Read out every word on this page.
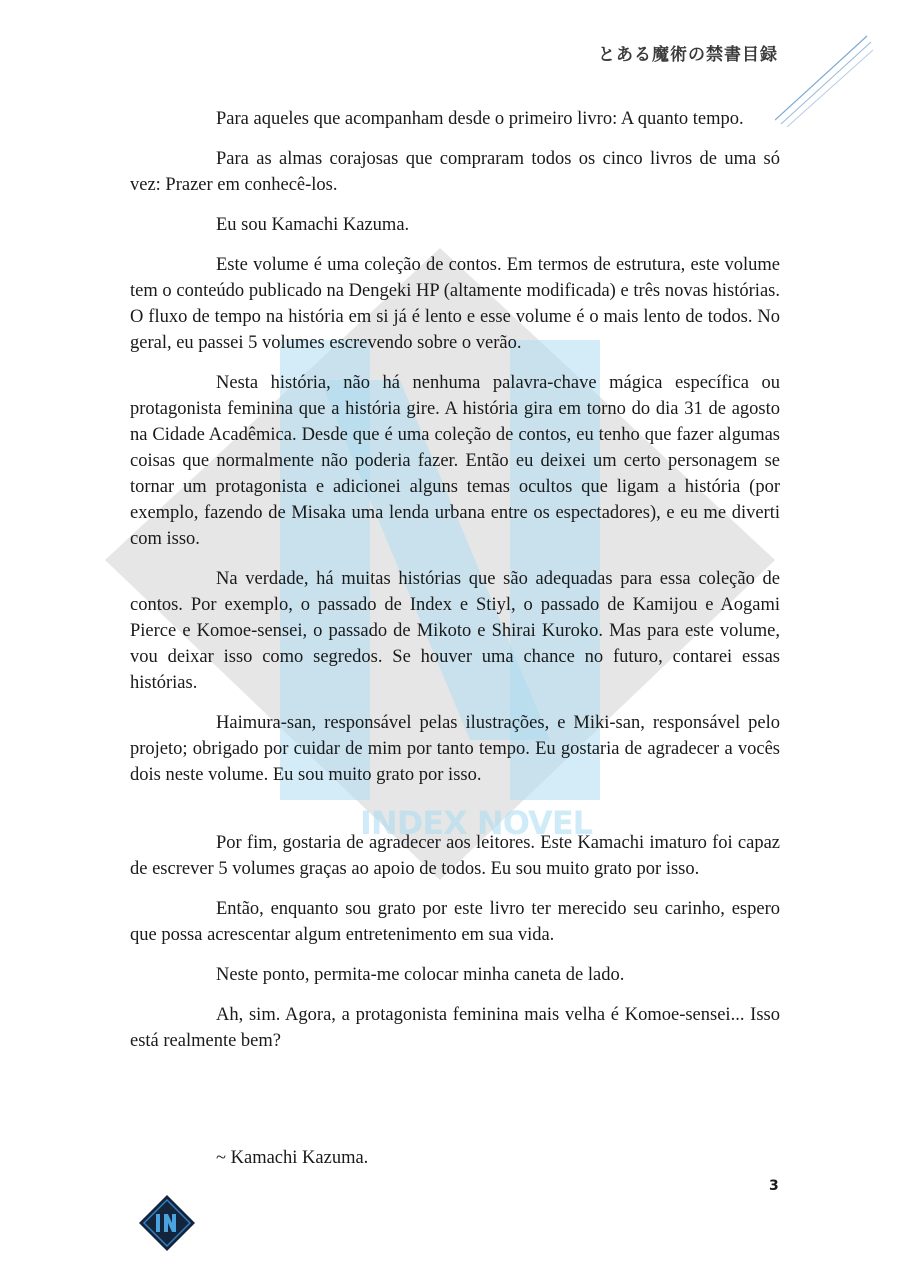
とある魔術の禁書目録
INDEX NOVEL

Para aqueles que acompanham desde o primeiro livro: A quanto tempo.

Para as almas corajosas que compraram todos os cinco livros de uma só vez: Prazer em conhecê-los.

Eu sou Kamachi Kazuma.

Este volume é uma coleção de contos. Em termos de estrutura, este volume tem o conteúdo publicado na Dengeki HP (altamente modificada) e três novas histórias. O fluxo de tempo na história em si já é lento e esse volume é o mais lento de todos. No geral, eu passei 5 volumes escrevendo sobre o verão.

Nesta história, não há nenhuma palavra-chave mágica específica ou protagonista feminina que a história gire. A história gira em torno do dia 31 de agosto na Cidade Acadêmica. Desde que é uma coleção de contos, eu tenho que fazer algumas coisas que normalmente não poderia fazer. Então eu deixei um certo personagem se tornar um protagonista e adicionei alguns temas ocultos que ligam a história (por exemplo, fazendo de Misaka uma lenda urbana entre os espectadores), e eu me diverti com isso.

Na verdade, há muitas histórias que são adequadas para essa coleção de contos. Por exemplo, o passado de Index e Stiyl, o passado de Kamijou e Aogami Pierce e Komoe-sensei, o passado de Mikoto e Shirai Kuroko. Mas para este volume, vou deixar isso como segredos. Se houver uma chance no futuro, contarei essas histórias.

Haimura-san, responsável pelas ilustrações, e Miki-san, responsável pelo projeto; obrigado por cuidar de mim por tanto tempo. Eu gostaria de agradecer a vocês dois neste volume. Eu sou muito grato por isso.

Por fim, gostaria de agradecer aos leitores. Este Kamachi imaturo foi capaz de escrever 5 volumes graças ao apoio de todos. Eu sou muito grato por isso.

Então, enquanto sou grato por este livro ter merecido seu carinho, espero que possa acrescentar algum entretenimento em sua vida.

Neste ponto, permita-me colocar minha caneta de lado.

Ah, sim. Agora, a protagonista feminina mais velha é Komoe-sensei... Isso está realmente bem?

~ Kamachi Kazuma.
3
